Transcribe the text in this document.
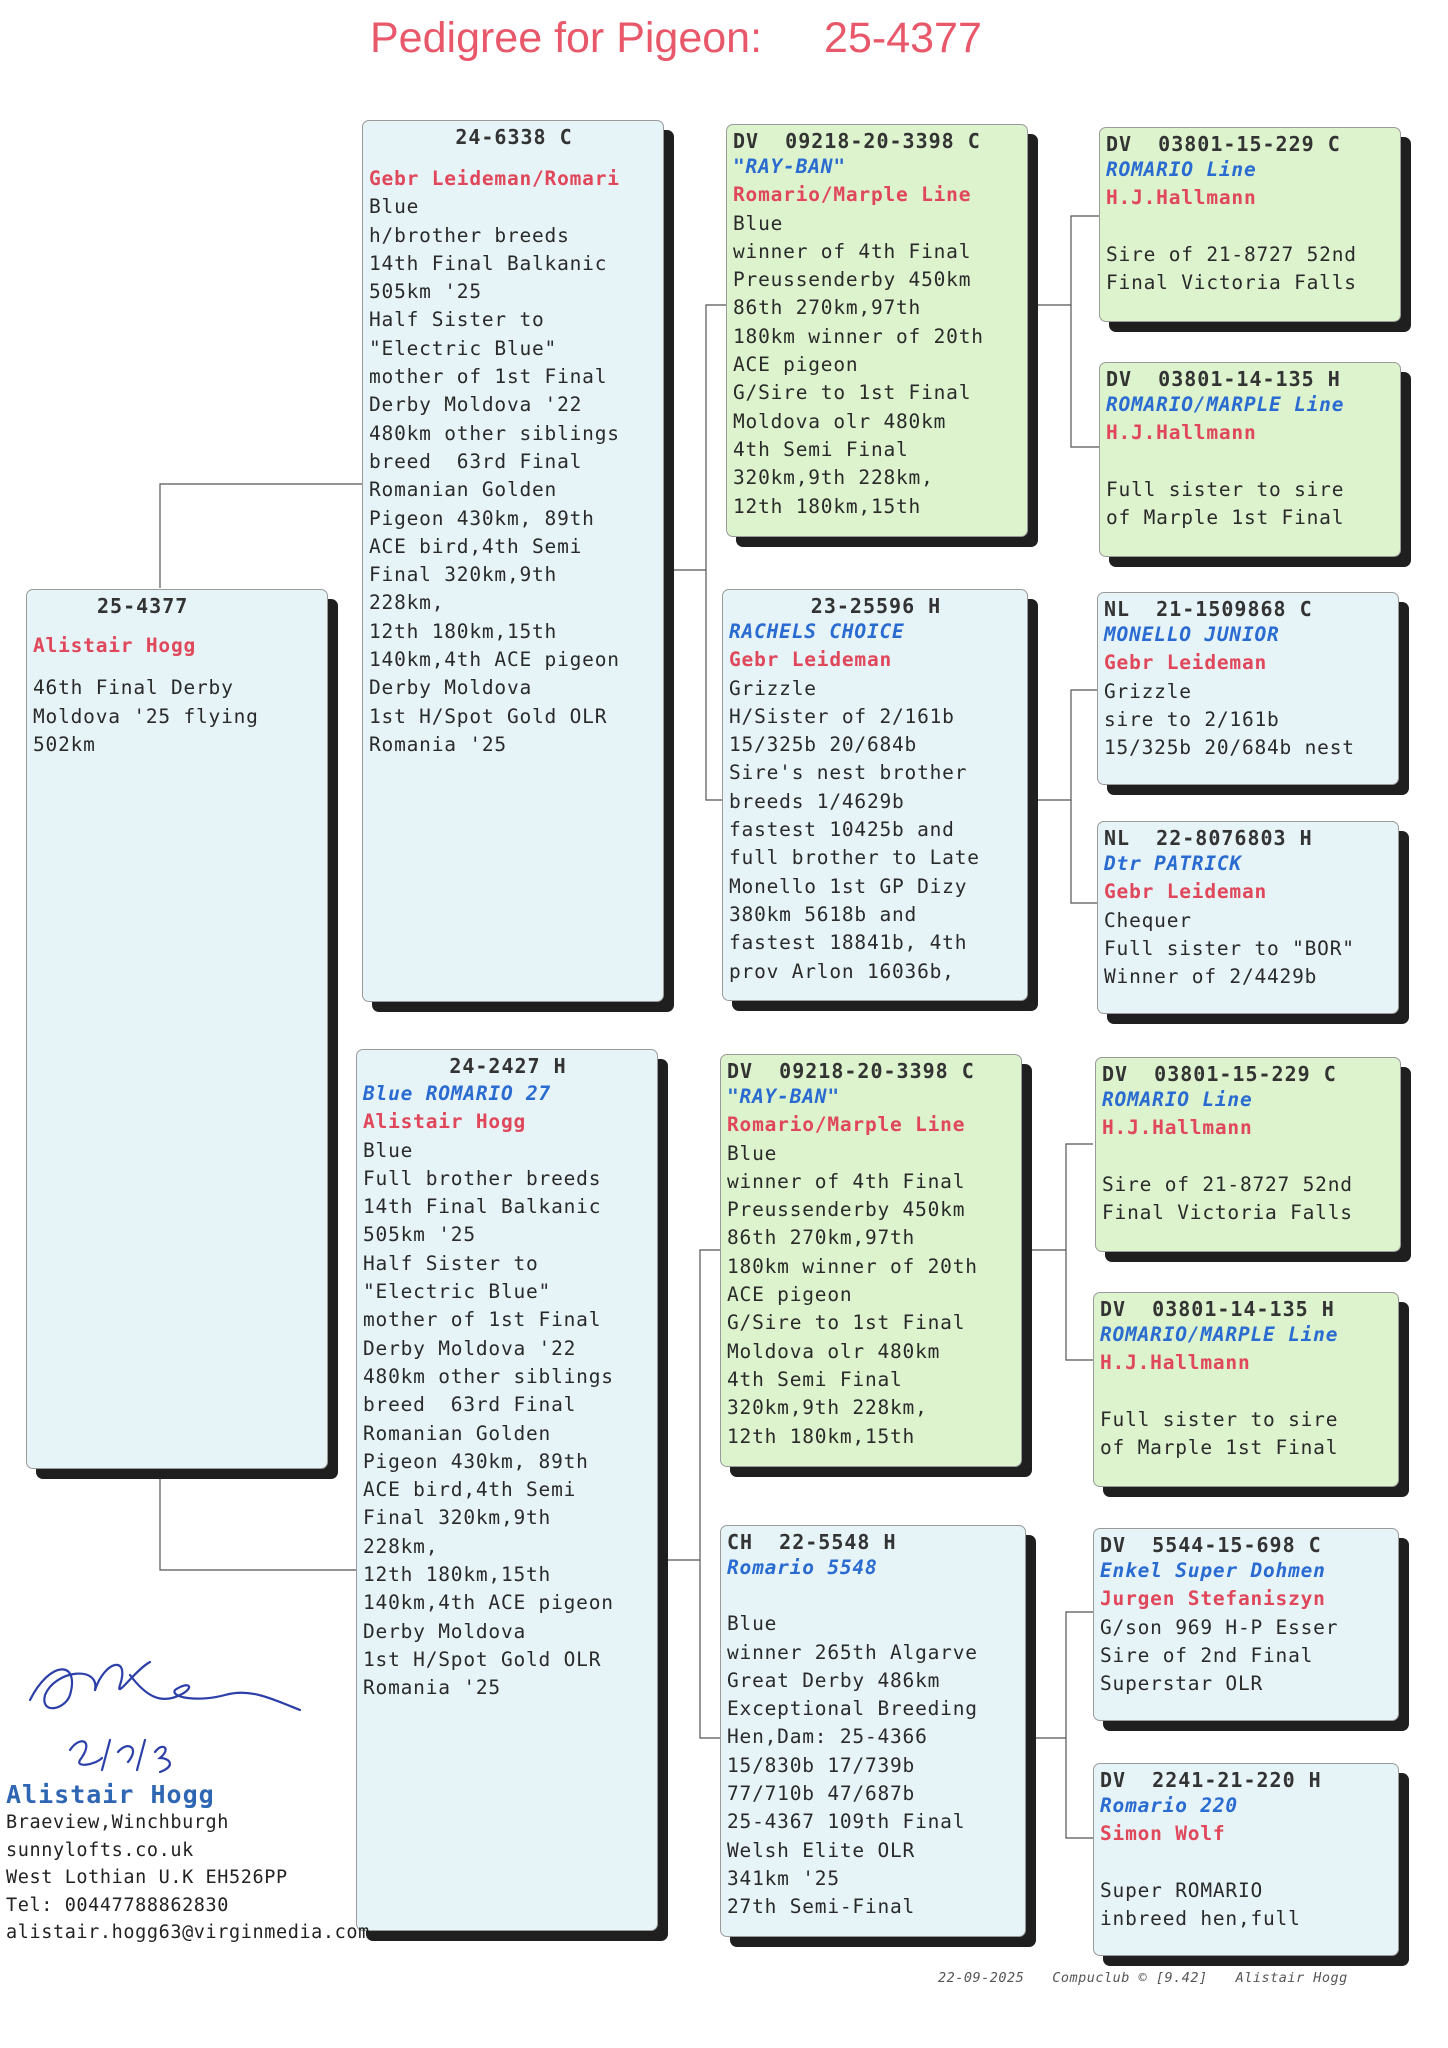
Pedigree for Pigeon: 25-4377
25-4377
Alistair Hogg
46th Final Derby
Moldova '25 flying
502km
24-6338 C
Gebr Leideman/Romari
Blue
h/brother breeds
14th Final Balkanic
505km '25
Half Sister to
"Electric Blue"
mother of 1st Final
Derby Moldova '22
480km other siblings
breed  63rd Final
Romanian Golden
Pigeon 430km, 89th
ACE bird,4th Semi
Final 320km,9th
228km,
12th 180km,15th
140km,4th ACE pigeon
Derby Moldova
1st H/Spot Gold OLR
Romania '25
24-2427 H
Blue ROMARIO 27
Alistair Hogg
Blue
Full brother breeds
14th Final Balkanic
505km '25
Half Sister to
"Electric Blue"
mother of 1st Final
Derby Moldova '22
480km other siblings
breed  63rd Final
Romanian Golden
Pigeon 430km, 89th
ACE bird,4th Semi
Final 320km,9th
228km,
12th 180km,15th
140km,4th ACE pigeon
Derby Moldova
1st H/Spot Gold OLR
Romania '25
DV  09218-20-3398 C
"RAY-BAN"
Romario/Marple Line
Blue
winner of 4th Final
Preussenderby 450km
86th 270km,97th
180km winner of 20th
ACE pigeon
G/Sire to 1st Final
Moldova olr 480km
4th Semi Final
320km,9th 228km,
12th 180km,15th
23-25596 H
RACHELS CHOICE
Gebr Leideman
Grizzle
H/Sister of 2/161b
15/325b 20/684b
Sire's nest brother
breeds 1/4629b
fastest 10425b and
full brother to Late
Monello 1st GP Dizy
380km 5618b and
fastest 18841b, 4th
prov Arlon 16036b,
DV  09218-20-3398 C
"RAY-BAN"
Romario/Marple Line
Blue
winner of 4th Final
Preussenderby 450km
86th 270km,97th
180km winner of 20th
ACE pigeon
G/Sire to 1st Final
Moldova olr 480km
4th Semi Final
320km,9th 228km,
12th 180km,15th
CH  22-5548 H
Romario 5548
Blue
winner 265th Algarve
Great Derby 486km
Exceptional Breeding
Hen,Dam: 25-4366
15/830b 17/739b
77/710b 47/687b
25-4367 109th Final
Welsh Elite OLR
341km '25
27th Semi-Final
DV  03801-15-229 C
ROMARIO Line
H.J.Hallmann
Sire of 21-8727 52nd
Final Victoria Falls
DV  03801-14-135 H
ROMARIO/MARPLE Line
H.J.Hallmann
Full sister to sire
of Marple 1st Final
NL  21-1509868 C
MONELLO JUNIOR
Gebr Leideman
Grizzle
sire to 2/161b
15/325b 20/684b nest
NL  22-8076803 H
Dtr PATRICK
Gebr Leideman
Chequer
Full sister to "BOR"
Winner of 2/4429b
DV  03801-15-229 C
ROMARIO Line
H.J.Hallmann
Sire of 21-8727 52nd
Final Victoria Falls
DV  03801-14-135 H
ROMARIO/MARPLE Line
H.J.Hallmann
Full sister to sire
of Marple 1st Final
DV  5544-15-698 C
Enkel Super Dohmen
Jurgen Stefaniszyn
G/son 969 H-P Esser
Sire of 2nd Final
Superstar OLR
DV  2241-21-220 H
Romario 220
Simon Wolf
Super ROMARIO
inbreed hen,full
2/9/25
Alistair Hogg
Braeview,Winchburgh
sunnylofts.co.uk
West Lothian U.K EH526PP
Tel: 00447788862830
alistair.hogg63@virginmedia.com
22-09-2025 Compuclub © [9.42] Alistair Hogg
